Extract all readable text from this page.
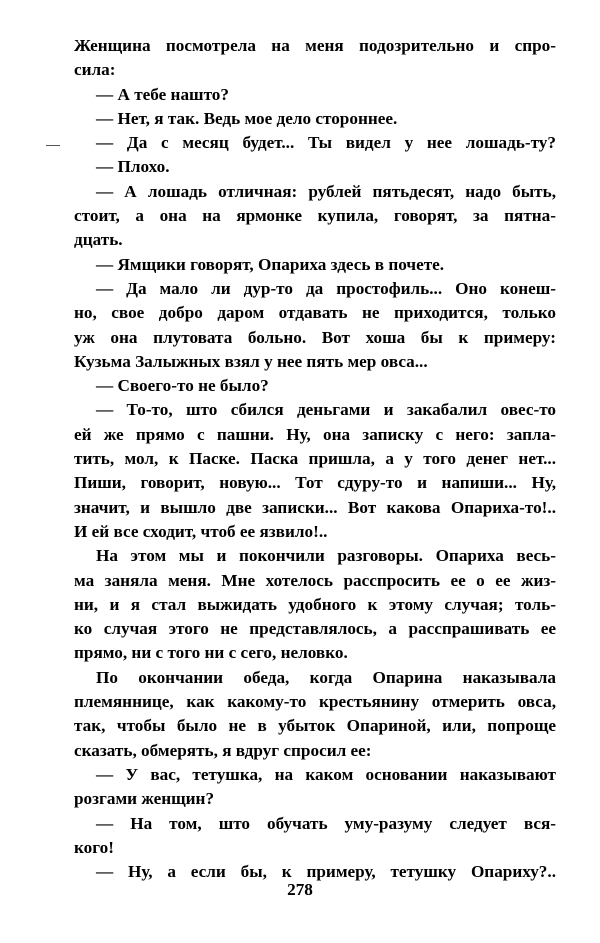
Женщина посмотрела на меня подозрительно и спро-
сила:
— А тебе нашто?
— Нет, я так. Ведь мое дело стороннее.
— Да с месяц будет... Ты видел у нее лошадь-ту?
— Плохо.
— А лошадь отличная: рублей пятьдесят, надо быть,
стоит, а она на ярмонке купила, говорят, за пятна-
дцать.
— Ямщики говорят, Опариха здесь в почете.
— Да мало ли дур-то да простофиль... Оно конеш-
но, свое добро даром отдавать не приходится, только
уж она плутовата больно. Вот хоша бы к примеру:
Кузьма Залыжных взял у нее пять мер овса...
— Своего-то не было?
— То-то, што сбился деньгами и закабалил овес-то
ей же прямо с пашни. Ну, она записку с него: запла-
тить, мол, к Паске. Паска пришла, а у того денег нет...
Пиши, говорит, новую... Тот сдуру-то и напиши... Ну,
значит, и вышло две записки... Вот какова Опариха-то!..
И ей все сходит, чтоб ее язвило!..
На этом мы и покончили разговоры. Опариха весь-
ма заняла меня. Мне хотелось расспросить ее о ее жиз-
ни, и я стал выжидать удобного к этому случая; толь-
ко случая этого не представлялось, а расспрашивать ее
прямо, ни с того ни с сего, неловко.
По окончании обеда, когда Опарина наказывала
племяннице, как какому-то крестьянину отмерить овса,
так, чтобы было не в убыток Опариной, или, попроще
сказать, обмерять, я вдруг спросил ее:
— У вас, тетушка, на каком основании наказывают
розгами женщин?
— На том, што обучать уму-разуму следует вся-
кого!
— Ну, а если бы, к примеру, тетушку Опариху?..
278
